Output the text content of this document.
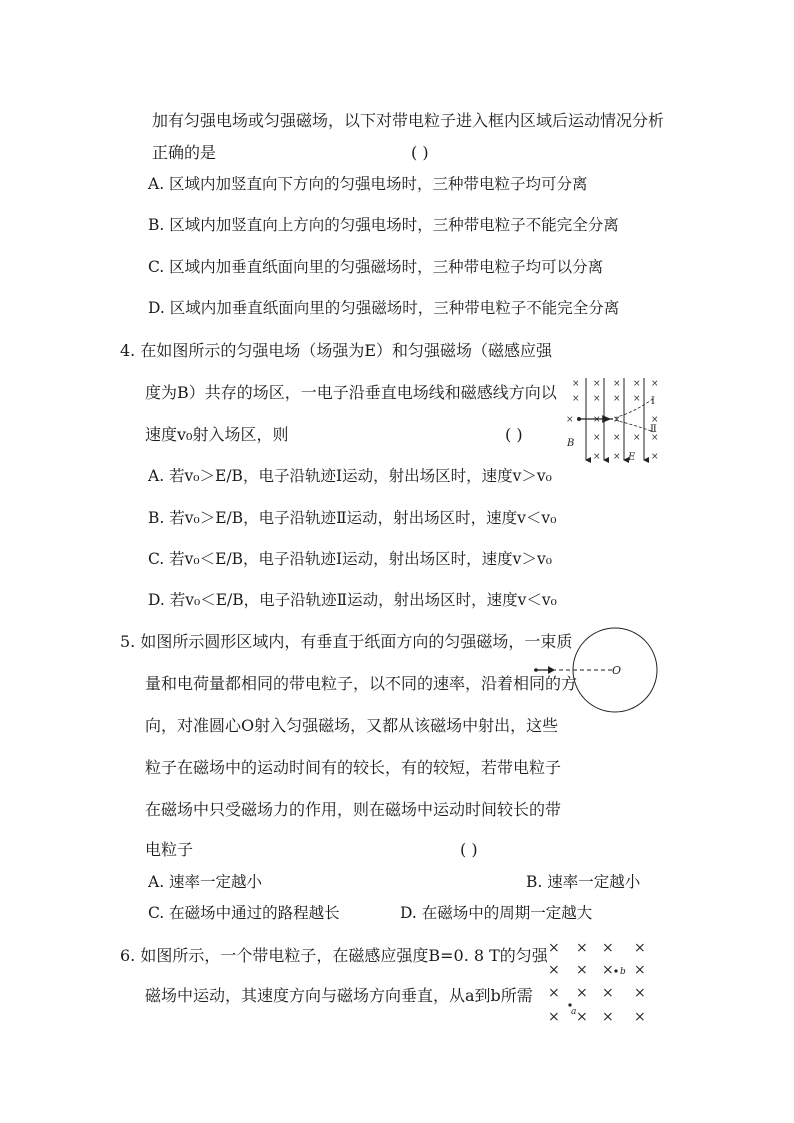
加有匀强电场或匀强磁场，以下对带电粒子进入框内区域后运动情况分析
正确的是	( )
A. 区域内加竖直向下方向的匀强电场时，三种带电粒子均可分离
B. 区域内加竖直向上方向的匀强电场时，三种带电粒子不能完全分离
C. 区域内加垂直纸面向里的匀强磁场时，三种带电粒子均可以分离
D. 区域内加垂直纸面向里的匀强磁场时，三种带电粒子不能完全分离
4. 在如图所示的匀强电场（场强为E）和匀强磁场（磁感应强
度为B）共存的场区，一电子沿垂直电场线和磁感线方向以
速度v₀射入场区，则	( )
A. 若v₀＞E/B，电子沿轨迹Ⅰ运动，射出场区时，速度v＞v₀
B. 若v₀＞E/B，电子沿轨迹Ⅱ运动，射出场区时，速度v＜v₀
C. 若v₀＜E/B，电子沿轨迹Ⅰ运动，射出场区时，速度v＞v₀
D. 若v₀＜E/B，电子沿轨迹Ⅱ运动，射出场区时，速度v＜v₀
× × × × ×
× × × ×
× ×	×
× × × ×
× ×	×
×
Ⅰ
Ⅱ
B
E
5. 如图所示圆形区域内，有垂直于纸面方向的匀强磁场，一束质
量和电荷量都相同的带电粒子，以不同的速率，沿着相同的方
向，对准圆心O射入匀强磁场，又都从该磁场中射出，这些
粒子在磁场中的运动时间有的较长，有的较短，若带电粒子
在磁场中只受磁场力的作用，则在磁场中运动时间较长的带
电粒子	( )
A. 速率一定越小	B. 速率一定越小
C. 在磁场中通过的路程越长	D. 在磁场中的周期一定越大
O
6. 如图所示，一个带电粒子，在磁感应强度B=0. 8 T的匀强
磁场中运动，其速度方向与磁场方向垂直，从a到b所需
× × × ×
× × × ×
× × × ×
× × × ×
b
a
